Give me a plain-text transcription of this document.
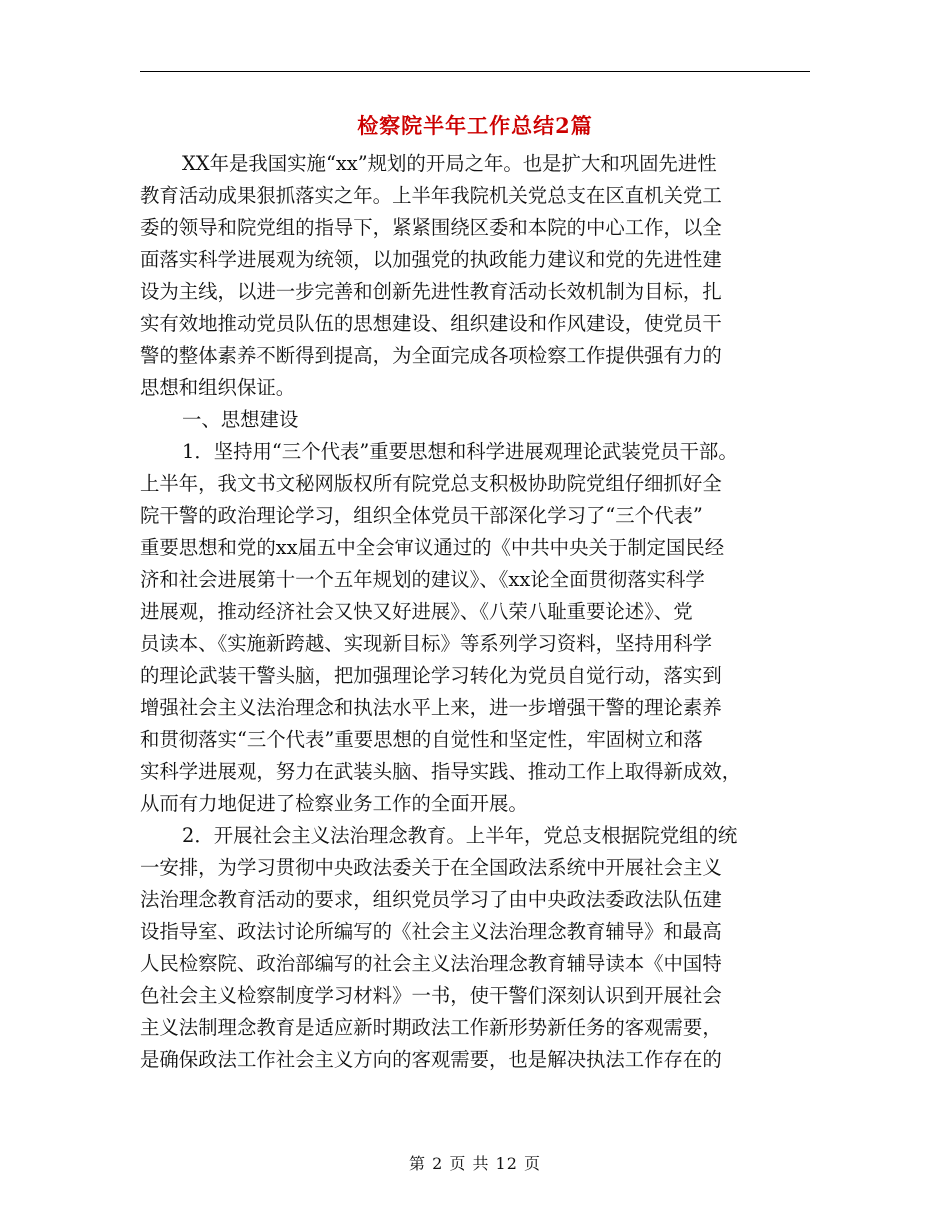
检察院半年工作总结2篇
XX年是我国实施“xx”规划的开局之年。也是扩大和巩固先进性
教育活动成果狠抓落实之年。上半年我院机关党总支在区直机关党工
委的领导和院党组的指导下，紧紧围绕区委和本院的中心工作，以全
面落实科学进展观为统领，以加强党的执政能力建议和党的先进性建
设为主线，以进一步完善和创新先进性教育活动长效机制为目标，扎
实有效地推动党员队伍的思想建设、组织建设和作风建设，使党员干
警的整体素养不断得到提高，为全面完成各项检察工作提供强有力的
思想和组织保证。
一、思想建设
1．坚持用“三个代表”重要思想和科学进展观理论武装党员干部。
上半年，我文书文秘网版权所有院党总支积极协助院党组仔细抓好全
院干警的政治理论学习，组织全体党员干部深化学习了“三个代表”
重要思想和党的xx届五中全会审议通过的《中共中央关于制定国民经
济和社会进展第十一个五年规划的建议》、《xx论全面贯彻落实科学
进展观，推动经济社会又快又好进展》、《八荣八耻重要论述》、党
员读本、《实施新跨越、实现新目标》等系列学习资料，坚持用科学
的理论武装干警头脑，把加强理论学习转化为党员自觉行动，落实到
增强社会主义法治理念和执法水平上来，进一步增强干警的理论素养
和贯彻落实“三个代表”重要思想的自觉性和坚定性，牢固树立和落
实科学进展观，努力在武装头脑、指导实践、推动工作上取得新成效，
从而有力地促进了检察业务工作的全面开展。
2．开展社会主义法治理念教育。上半年，党总支根据院党组的统
一安排，为学习贯彻中央政法委关于在全国政法系统中开展社会主义
法治理念教育活动的要求，组织党员学习了由中央政法委政法队伍建
设指导室、政法讨论所编写的《社会主义法治理念教育辅导》和最高
人民检察院、政治部编写的社会主义法治理念教育辅导读本《中国特
色社会主义检察制度学习材料》一书，使干警们深刻认识到开展社会
主义法制理念教育是适应新时期政法工作新形势新任务的客观需要，
是确保政法工作社会主义方向的客观需要，也是解决执法工作存在的
第 2 页 共 12 页
